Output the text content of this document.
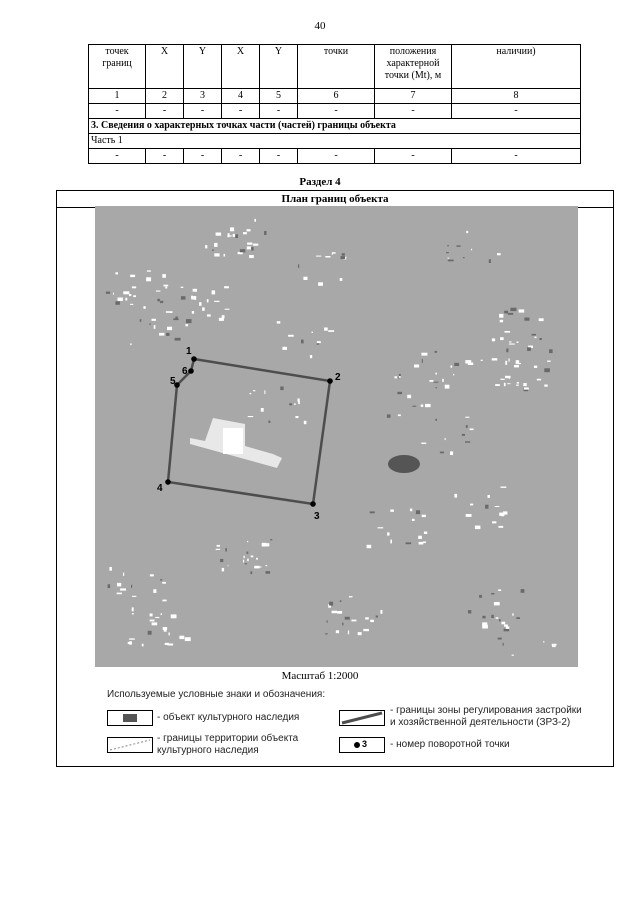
40
точек границ	X	Y	X	Y	точки	положения характерной точки (Mt), м	наличии)
1	2	3	4	5	6	7	8
-	-	-	-	-	-	-	-
3. Сведения о характерных точках части (частей) границы объекта							
Часть 1							
-	-	-	-	-	-	-	-
Раздел 4
План границ объекта
1
2
3
4
5
6
Масштаб 1:2000
Используемые условные знаки и обозначения:
- объект культурного наследия
- границы территории объекта культурного наследия
- границы зоны регулирования застройки и хозяйственной деятельности (ЗРЗ-2)
3 - номер поворотной точки
